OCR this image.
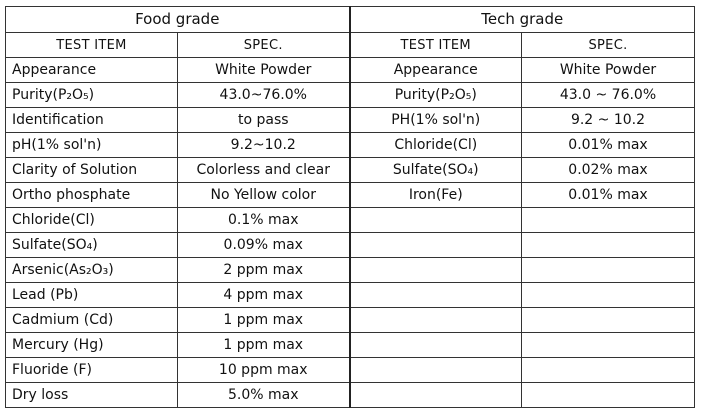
Food grade		Tech grade	
TEST ITEM	SPEC.	TEST ITEM	SPEC.
Appearance	White Powder	Appearance	White Powder
Purity(P₂O₅)	43.0~76.0%	Purity(P₂O₅)	43.0 ~ 76.0%
Identification	to pass	PH(1% sol'n)	9.2 ~ 10.2
pH(1% sol'n)	9.2~10.2	Chloride(Cl)	0.01% max
Clarity of Solution	Colorless and clear	Sulfate(SO₄)	0.02% max
Ortho phosphate	No Yellow color	Iron(Fe)	0.01% max
Chloride(Cl)	0.1% max		
Sulfate(SO₄)	0.09% max		
Arsenic(As₂O₃)	2 ppm max		
Lead (Pb)	4 ppm max		
Cadmium (Cd)	1 ppm max		
Mercury (Hg)	1 ppm max		
Fluoride (F)	10 ppm max		
Dry loss	5.0% max		
